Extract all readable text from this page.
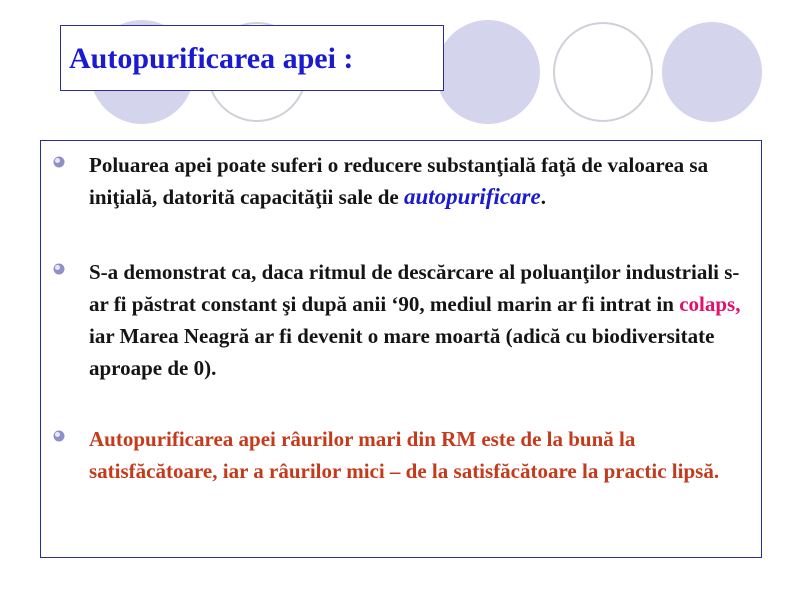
Autopurificarea apei :
Poluarea apei poate suferi o reducere substanţială faţă de valoarea sa iniţială, datorită capacităţii sale de autopurificare.
S-a demonstrat ca, daca ritmul de descărcare al poluanţilor industriali s-ar fi păstrat constant şi după anii ‘90, mediul marin ar fi intrat in colaps, iar Marea Neagră ar fi devenit o mare moartă (adică cu biodiversitate aproape de 0).
Autopurificarea apei râurilor mari din RM este de la bună la satisfăcătoare, iar a râurilor mici – de la satisfăcătoare la practic lipsă.
